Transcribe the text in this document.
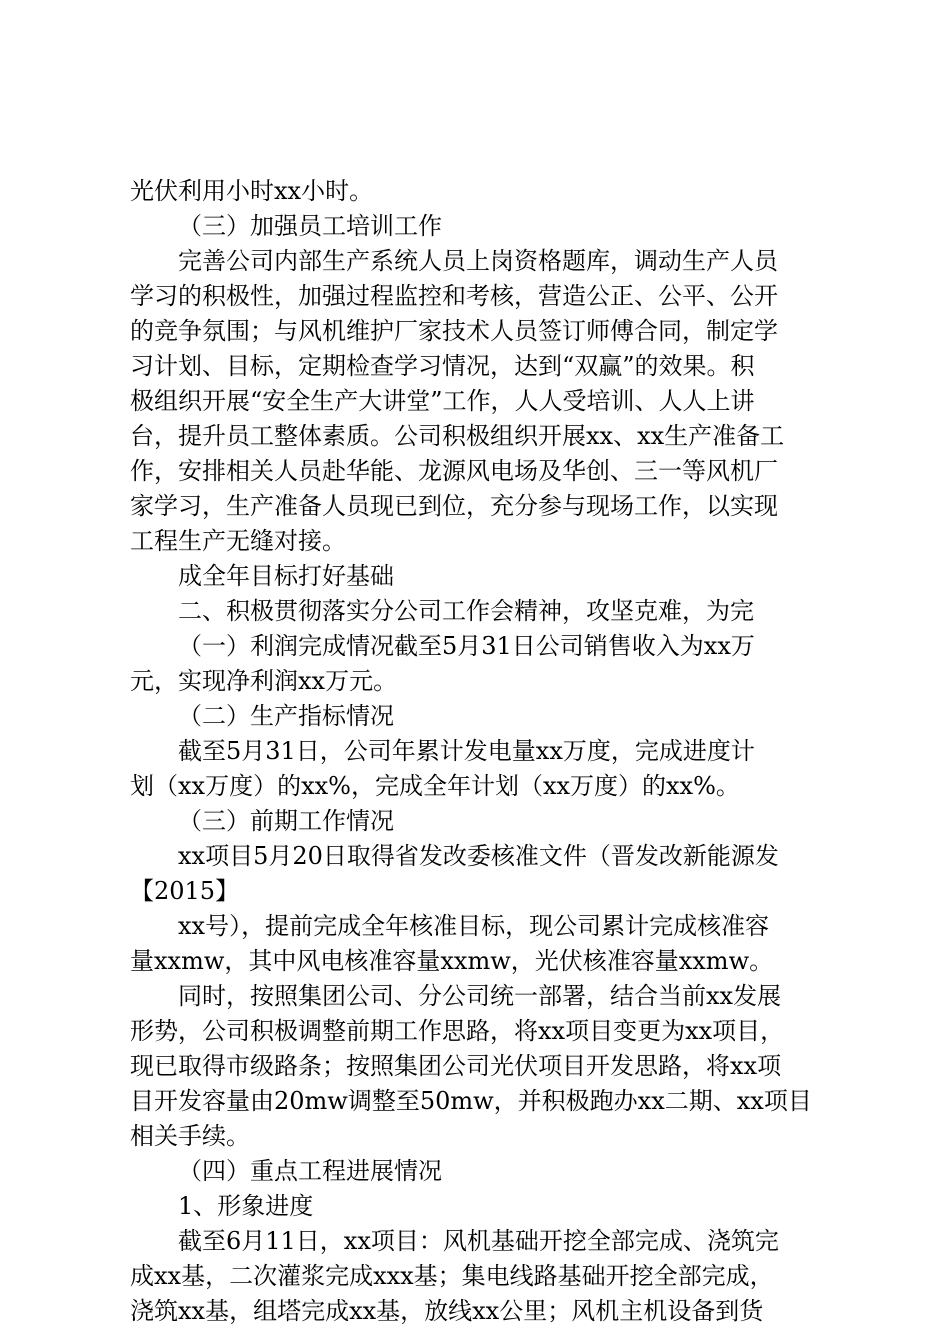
光伏利用小时xx小时。
（三）加强员工培训工作
完善公司内部生产系统人员上岗资格题库，调动生产人员
学习的积极性，加强过程监控和考核，营造公正、公平、公开
的竞争氛围；与风机维护厂家技术人员签订师傅合同，制定学
习计划、目标，定期检查学习情况，达到“双赢”的效果。积
极组织开展“安全生产大讲堂”工作，人人受培训、人人上讲
台，提升员工整体素质。公司积极组织开展xx、xx生产准备工
作，安排相关人员赴华能、龙源风电场及华创、三一等风机厂
家学习，生产准备人员现已到位，充分参与现场工作，以实现
工程生产无缝对接。
成全年目标打好基础
二、积极贯彻落实分公司工作会精神，攻坚克难，为完
（一）利润完成情况截至5月31日公司销售收入为xx万
元，实现净利润xx万元。
（二）生产指标情况
截至5月31日，公司年累计发电量xx万度，完成进度计
划（xx万度）的xx%，完成全年计划（xx万度）的xx%。
（三）前期工作情况
xx项目5月20日取得省发改委核准文件（晋发改新能源发
【2015】
xx号），提前完成全年核准目标，现公司累计完成核准容
量xxmw，其中风电核准容量xxmw，光伏核准容量xxmw。
同时，按照集团公司、分公司统一部署，结合当前xx发展
形势，公司积极调整前期工作思路，将xx项目变更为xx项目，
现已取得市级路条；按照集团公司光伏项目开发思路，将xx项
目开发容量由20mw调整至50mw，并积极跑办xx二期、xx项目
相关手续。
（四）重点工程进展情况
1、形象进度
截至6月11日，xx项目：风机基础开挖全部完成、浇筑完
成xx基，二次灌浆完成xxx基；集电线路基础开挖全部完成，
浇筑xx基，组塔完成xx基，放线xx公里；风机主机设备到货
